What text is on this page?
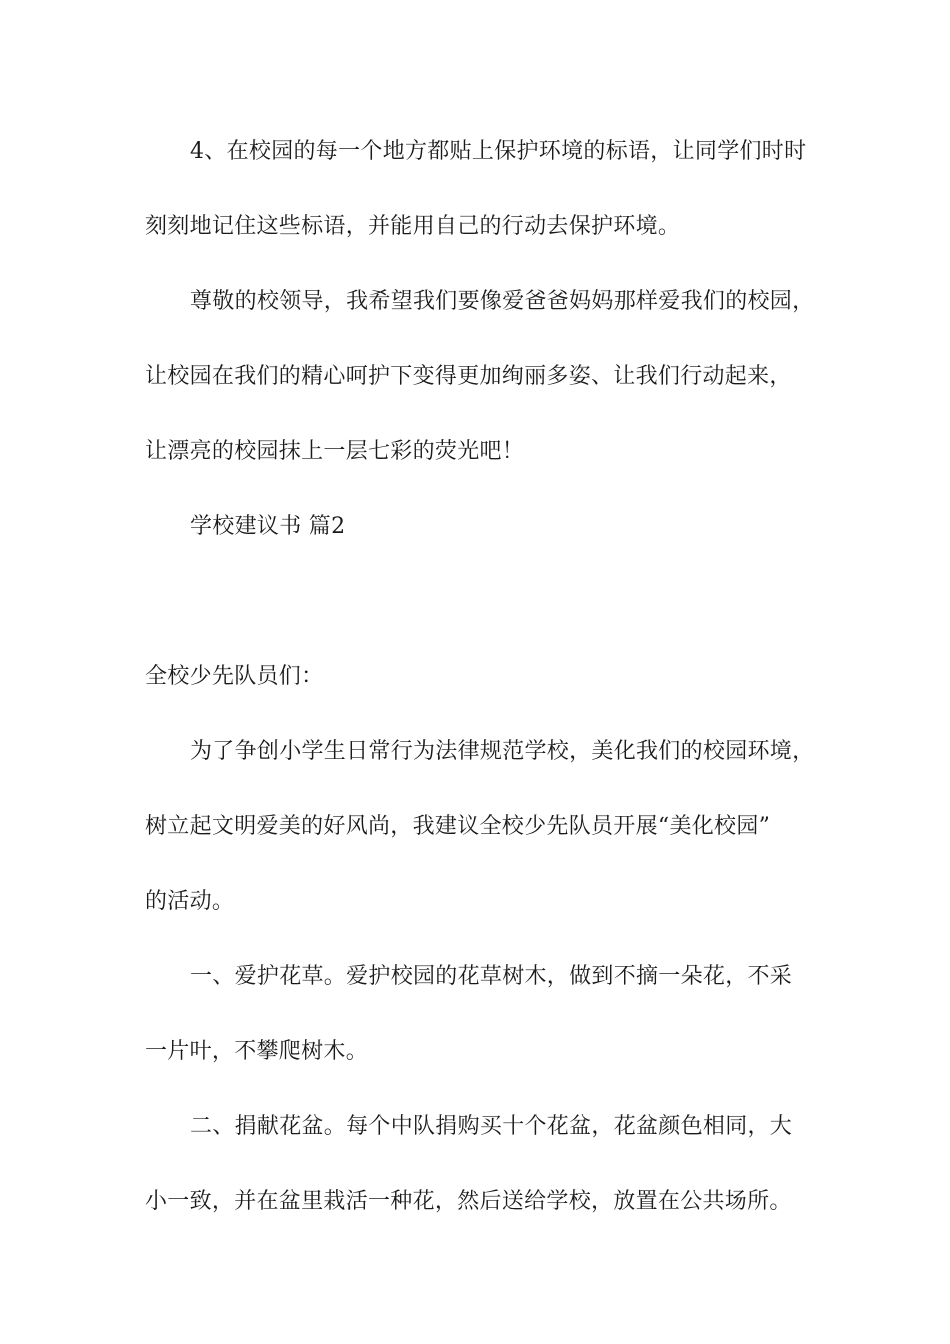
4、在校园的每一个地方都贴上保护环境的标语，让同学们时时
刻刻地记住这些标语，并能用自己的行动去保护环境。
尊敬的校领导，我希望我们要像爱爸爸妈妈那样爱我们的校园，
让校园在我们的精心呵护下变得更加绚丽多姿、让我们行动起来，
让漂亮的校园抹上一层七彩的荧光吧！
学校建议书 篇2
全校少先队员们：
为了争创小学生日常行为法律规范学校，美化我们的校园环境，
树立起文明爱美的好风尚，我建议全校少先队员开展“美化校园”
的活动。
一、爱护花草。爱护校园的花草树木，做到不摘一朵花，不采
一片叶，不攀爬树木。
二、捐献花盆。每个中队捐购买十个花盆，花盆颜色相同，大
小一致，并在盆里栽活一种花，然后送给学校，放置在公共场所。
